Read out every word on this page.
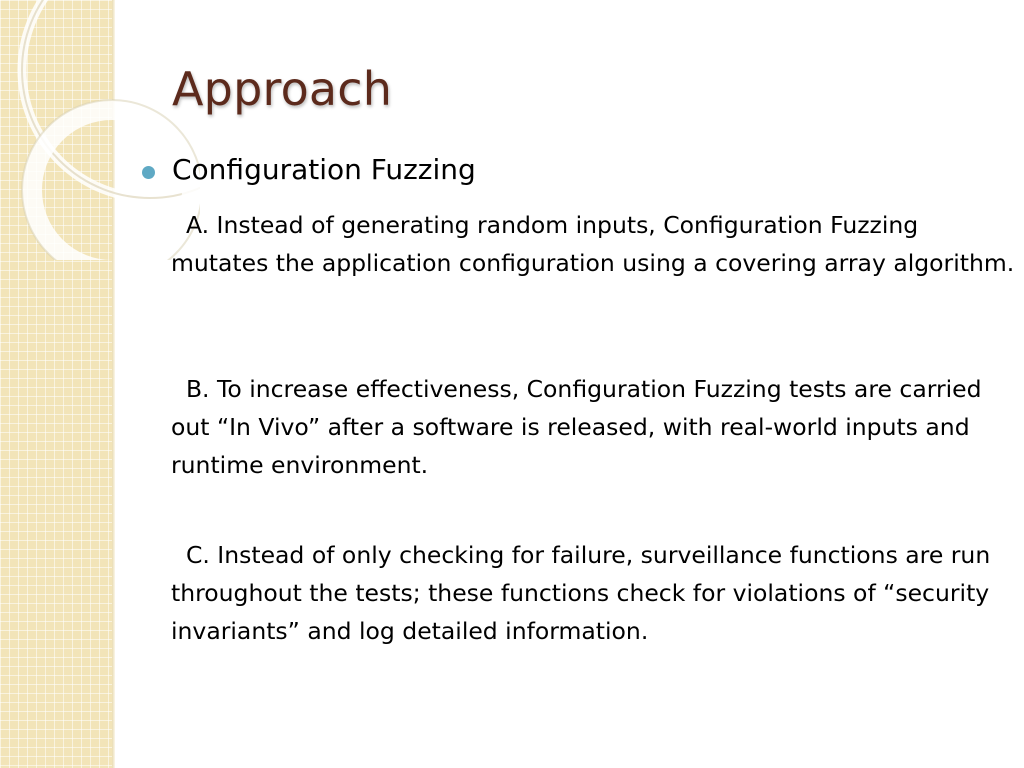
Approach
Configuration Fuzzing

A. Instead of generating random inputs, Configuration Fuzzing mutates the application configuration using a covering array algorithm.

B. To increase effectiveness, Configuration Fuzzing tests are carried out “In Vivo” after a software is released, with real-world inputs and runtime environment.

C. Instead of only checking for failure, surveillance functions are run throughout the tests; these functions check for violations of “security invariants” and log detailed information.
